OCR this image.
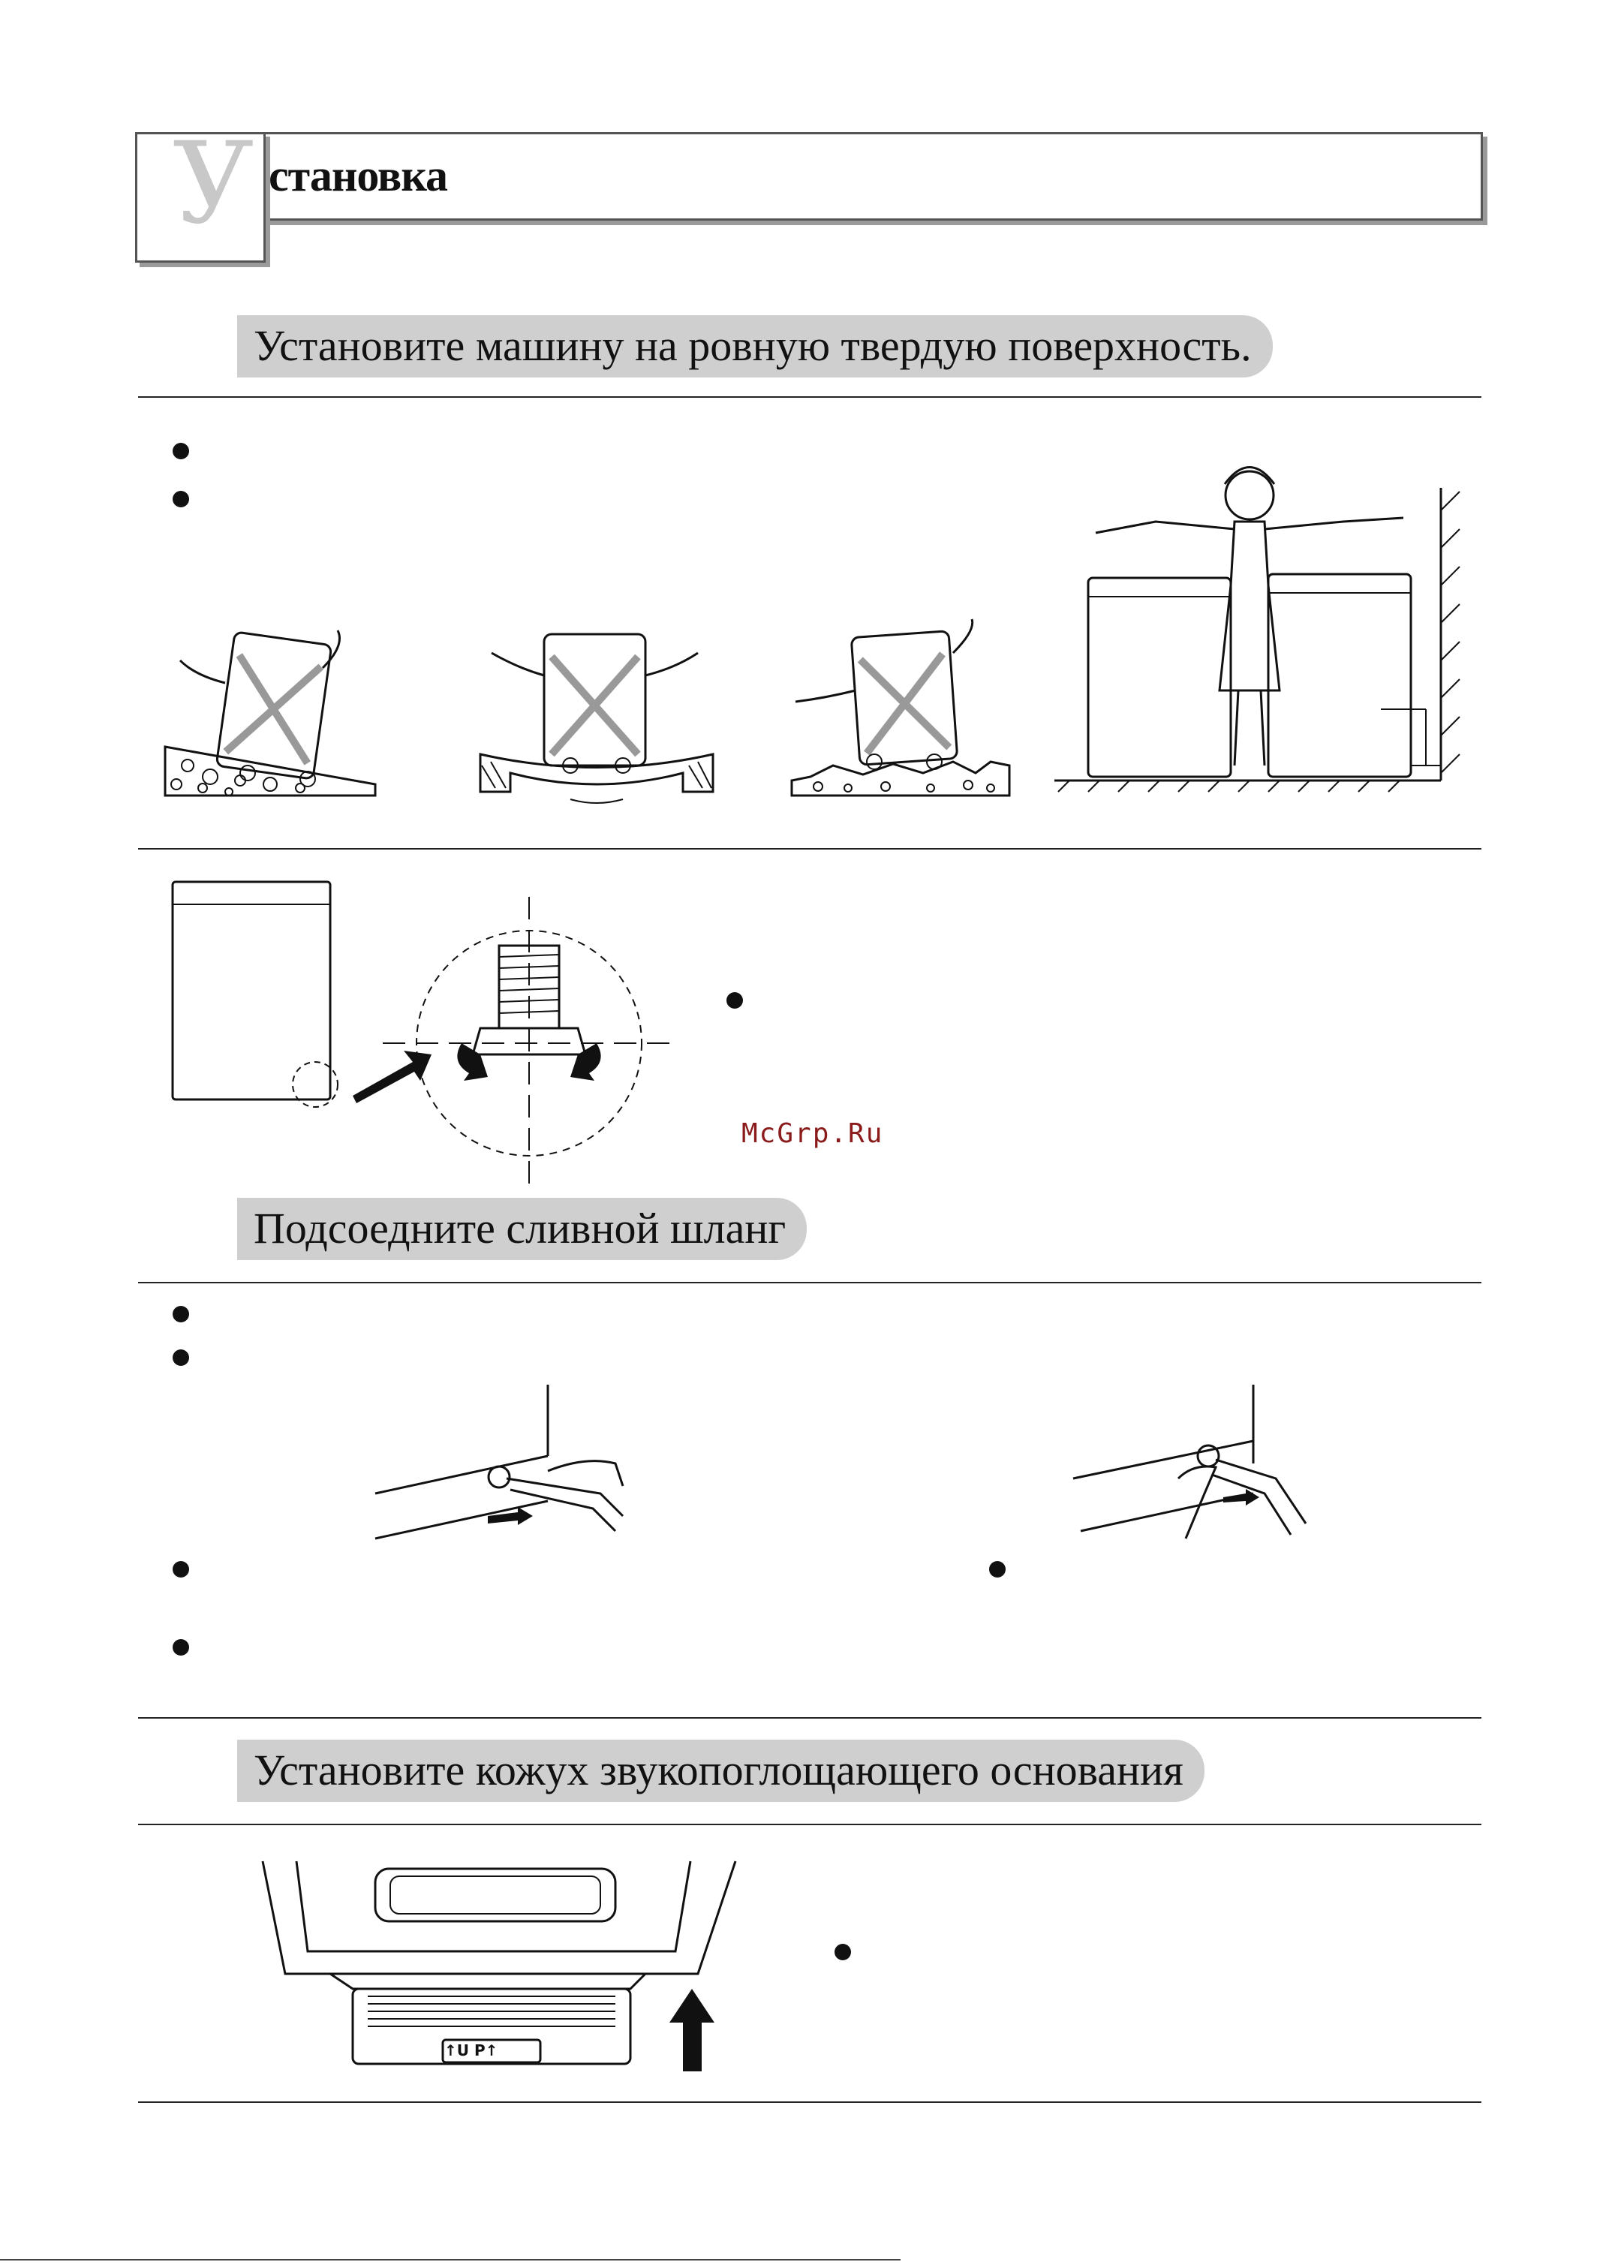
У становка
Установите машину на ровную твердую поверхность.
McGrp.Ru
Подсоедните сливной шланг
Установите кожух звукопоглощающего основания
↑U P↑
